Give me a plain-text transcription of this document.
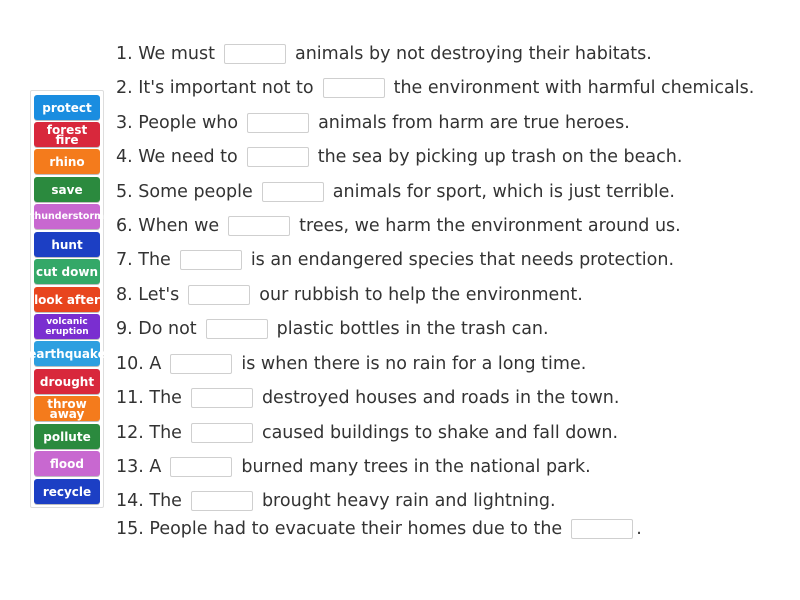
protect
forest fire
rhino
save
thunderstorm
hunt
cut down
look after
volcanic eruption
earthquake
drought
throw away
pollute
flood
recycle
1. We must	animals by not destroying their habitats.
2. It's important not to	the environment with harmful chemicals.
3. People who	animals from harm are true heroes.
4. We need to	the sea by picking up trash on the beach.
5. Some people	animals for sport, which is just terrible.
6. When we	trees, we harm the environment around us.
7. The	is an endangered species that needs protection.
8. Let's	our rubbish to help the environment.
9. Do not	plastic bottles in the trash can.
10. A	is when there is no rain for a long time.
11. The	destroyed houses and roads in the town.
12. The	caused buildings to shake and fall down.
13. A	burned many trees in the national park.
14. The	brought heavy rain and lightning.
15. People had to evacuate their homes due to the	.
